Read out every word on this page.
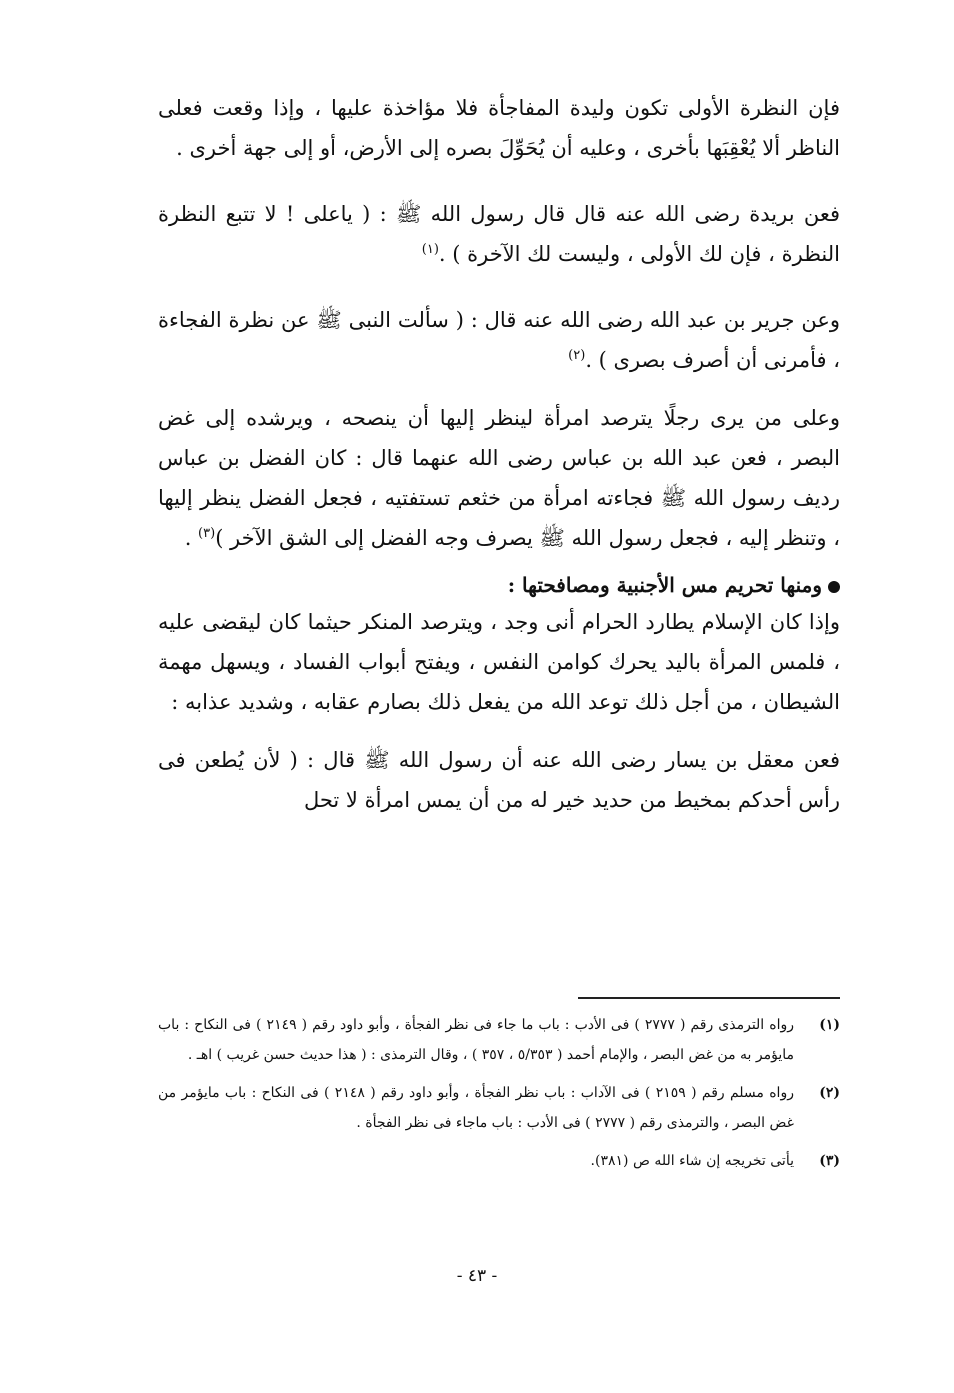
فإن النظرة الأولى تكون وليدة المفاجأة فلا مؤاخذة عليها ، وإذا وقعت فعلى الناظر ألا يُعْقِبَها بأخرى ، وعليه أن يُحَوِّلَ بصره إلى الأرض، أو إلى جهة أخرى .

فعن بريدة رضى الله عنه قال قال رسول الله ﷺ : ( ياعلى ! لا تتبع النظرة النظرة ، فإن لك الأولى ، وليست لك الآخرة ) .$^{(١)}$

وعن جرير بن عبد الله رضى الله عنه قال : ( سألت النبى ﷺ عن نظرة الفجاءة ، فأمرنى أن أصرف بصرى ) .$^{(٢)}$

وعلى من يرى رجلًا يترصد امرأة لينظر إليها أن ينصحه ، ويرشده إلى غض البصر ، فعن عبد الله بن عباس رضى الله عنهما قال : كان الفضل بن عباس رديف رسول الله ﷺ فجاءته امرأة من خثعم تستفتيه ، فجعل الفضل ينظر إليها ، وتنظر إليه ، فجعل رسول الله ﷺ يصرف وجه الفضل إلى الشق الآخر )$^{(٣)}$ .

ومنها تحريم مس الأجنبية ومصافحتها :

وإذا كان الإسلام يطارد الحرام أنى وجد ، ويترصد المنكر حيثما كان ليقضى عليه ، فلمس المرأة باليد يحرك كوامن النفس ، ويفتح أبواب الفساد ، ويسهل مهمة الشيطان ، من أجل ذلك توعد الله من يفعل ذلك بصارم عقابه ، وشديد عذابه :

فعن معقل بن يسار رضى الله عنه أن رسول الله ﷺ قال : ( لأن يُطعن فى رأس أحدكم بمخيط من حديد خير له من أن يمس امرأة لا تحل

(١)
رواه الترمذى رقم ( ٢٧٧٧ ) فى الأدب : باب ما جاء فى نظر الفجأة ، وأبو داود رقم ( ٢١٤٩ ) فى النكاح : باب مايؤمر به من غض البصر ، والإمام أحمد ( ٥/٣٥٣ ، ٣٥٧ ) ، وقال الترمذى : ( هذا حديث حسن غريب ) اهـ .
(٢)
رواه مسلم رقم ( ٢١٥٩ ) فى الآداب : باب نظر الفجأة ، وأبو داود رقم ( ٢١٤٨ ) فى النكاح : باب مايؤمر من غض البصر ، والترمذى رقم ( ٢٧٧٧ ) فى الأدب : باب ماجاء فى نظر الفجأة .
(٣)
يأتى تخريجه إن شاء الله ص (٣٨١).
- ٤٣ -
